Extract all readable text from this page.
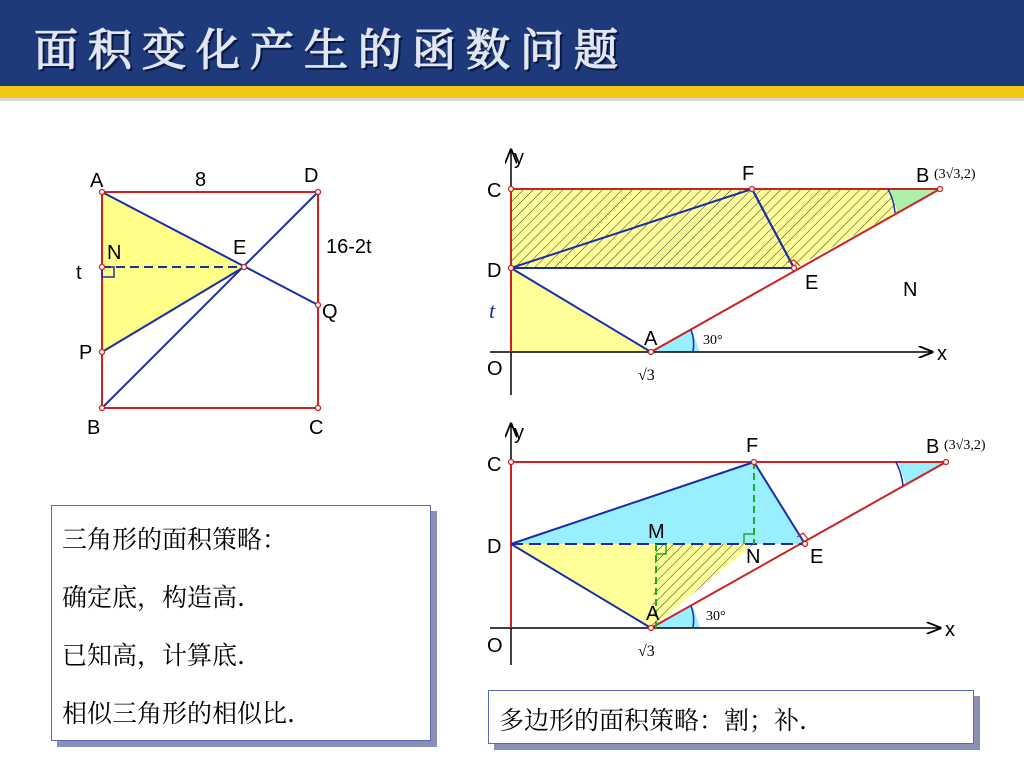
面积变化产生的函数问题
A	8	D
16-2t
E
N
t
Q
P
B	C
y
C
F	B (3√3,2)
D
E	N
t
A	30°
x
O	√3
y
C
F	B (3√3,2)
D
M
N E
A	30°
x
O	√3
三角形的面积策略：
确定底，构造高.
已知高，计算底.
相似三角形的相似比.	多边形的面积策略：割；补.
